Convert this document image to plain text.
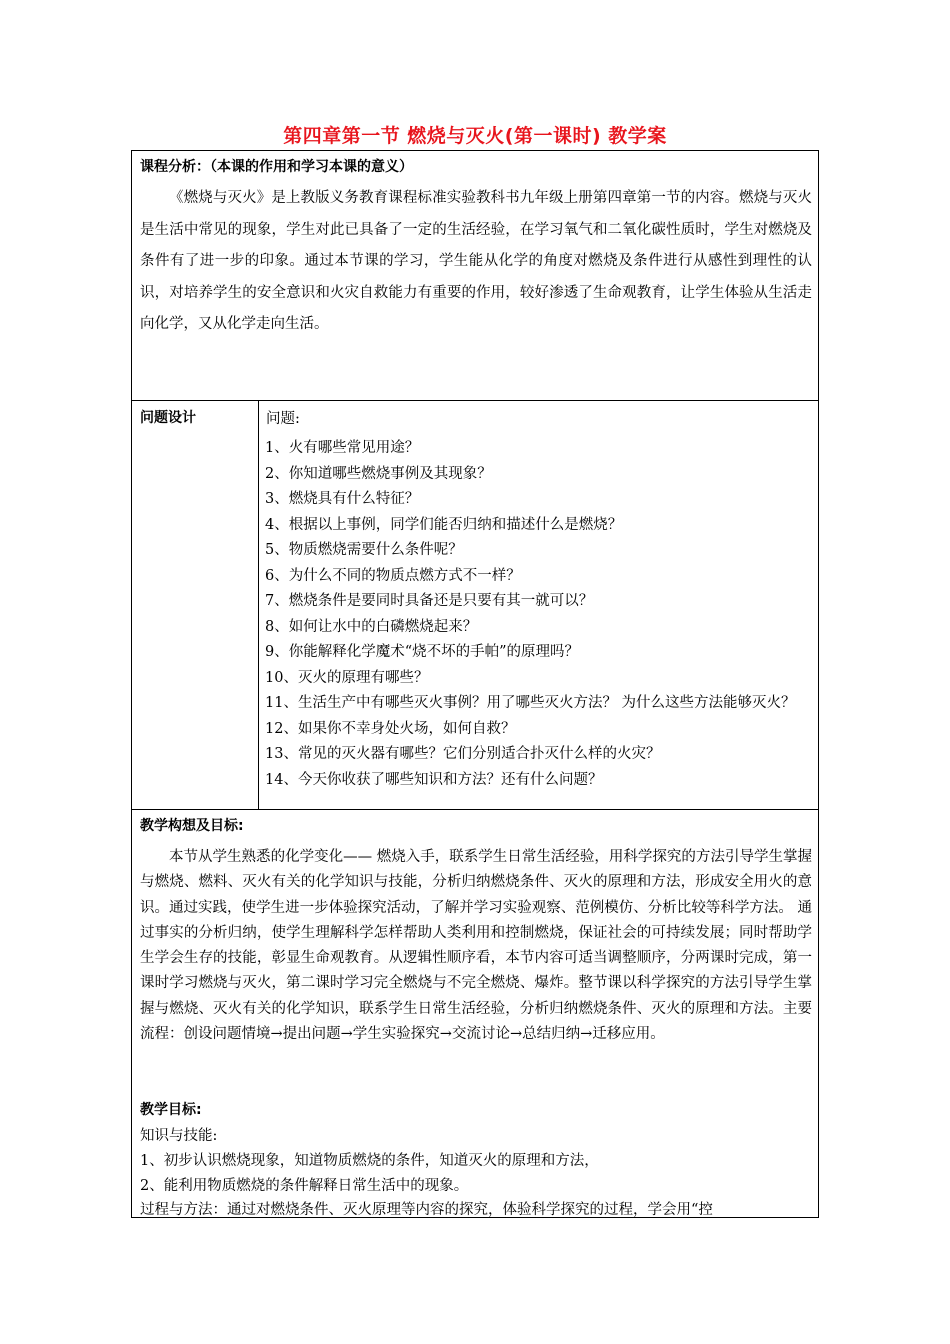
第四章第一节 燃烧与灭火(第一课时) 教学案
课程分析：（本课的作用和学习本课的意义）

《燃烧与灭火》是上教版义务教育课程标准实验教科书九年级上册第四章第一节的内容。燃烧与灭火是生活中常见的现象，学生对此已具备了一定的生活经验，在学习氧气和二氧化碳性质时，学生对燃烧及条件有了进一步的印象。通过本节课的学习，学生能从化学的角度对燃烧及条件进行从感性到理性的认识，对培养学生的安全意识和火灾自救能力有重要的作用，较好渗透了生命观教育，让学生体验从生活走向化学，又从化学走向生活。

问题设计	问题:
1、火有哪些常见用途？
2、你知道哪些燃烧事例及其现象？
3、燃烧具有什么特征？
4、根据以上事例，同学们能否归纳和描述什么是燃烧？
5、物质燃烧需要什么条件呢？
6、为什么不同的物质点燃方式不一样？
7、燃烧条件是要同时具备还是只要有其一就可以？
8、如何让水中的白磷燃烧起来？
9、你能解释化学魔术“烧不坏的手帕”的原理吗？
10、灭火的原理有哪些？
11、生活生产中有哪些灭火事例？用了哪些灭火方法？ 为什么这些方法能够灭火？
12、如果你不幸身处火场，如何自救？
13、常见的灭火器有哪些？它们分别适合扑灭什么样的火灾？
14、今天你收获了哪些知识和方法？还有什么问题？
教学构想及目标:

本节从学生熟悉的化学变化—— 燃烧入手，联系学生日常生活经验，用科学探究的方法引导学生掌握与燃烧、燃料、灭火有关的化学知识与技能，分析归纳燃烧条件、灭火的原理和方法，形成安全用火的意识。通过实践，使学生进一步体验探究活动，了解并学习实验观察、范例模仿、分析比较等科学方法。 通过事实的分析归纳，使学生理解科学怎样帮助人类利用和控制燃烧，保证社会的可持续发展；同时帮助学生学会生存的技能，彰显生命观教育。从逻辑性顺序看，本节内容可适当调整顺序，分两课时完成，第一课时学习燃烧与灭火，第二课时学习完全燃烧与不完全燃烧、爆炸。整节课以科学探究的方法引导学生掌握与燃烧、灭火有关的化学知识，联系学生日常生活经验，分析归纳燃烧条件、灭火的原理和方法。主要流程：创设问题情境→提出问题→学生实验探究→交流讨论→总结归纳→迁移应用。

教学目标:
知识与技能:
1、初步认识燃烧现象，知道物质燃烧的条件，知道灭火的原理和方法，
2、能利用物质燃烧的条件解释日常生活中的现象。
过程与方法：通过对燃烧条件、灭火原理等内容的探究，体验科学探究的过程，学会用“控
